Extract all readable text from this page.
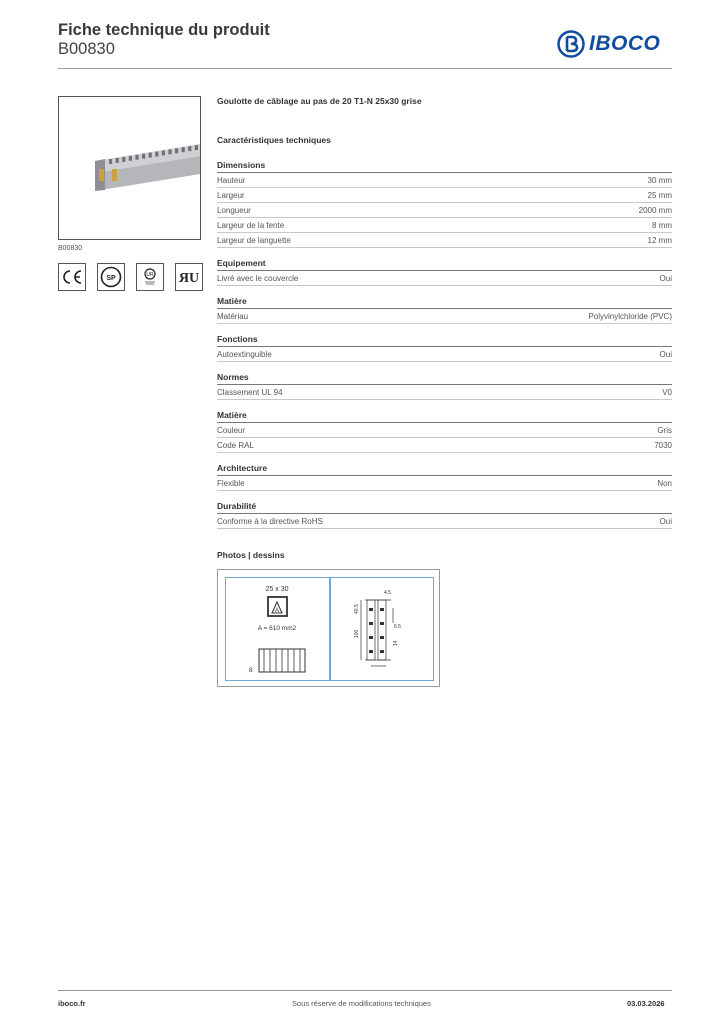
Fiche technique du produit
B00830	IBOCO
B00830
SP	UR ЯU
Goulotte de câblage au pas de 20 T1-N 25x30 grise
Caractéristiques techniques
Dimensions
Hauteur	30 mm
Largeur	25 mm
Longueur	2000 mm
Largeur de la fente	8 mm
Largeur de languette	12 mm
Equipement
Livré avec le couvercle	Oui
Matière
Matériau	Polyvinylchloride (PVC)
Fonctions
Autoextinguible	Oui
Normes
Classement UL 94	V0
Matière
Couleur	Gris
Code RAL	7030
Architecture
Flexible	Non
Durabilité
Conforme à la directive RoHS	Oui
Photos | dessins
25 x 30
A
A = 610 mm2
8
4.5
40.5
100
6.5
14
iboco.fr	Sous réserve de modifications techniques	03.03.2026
